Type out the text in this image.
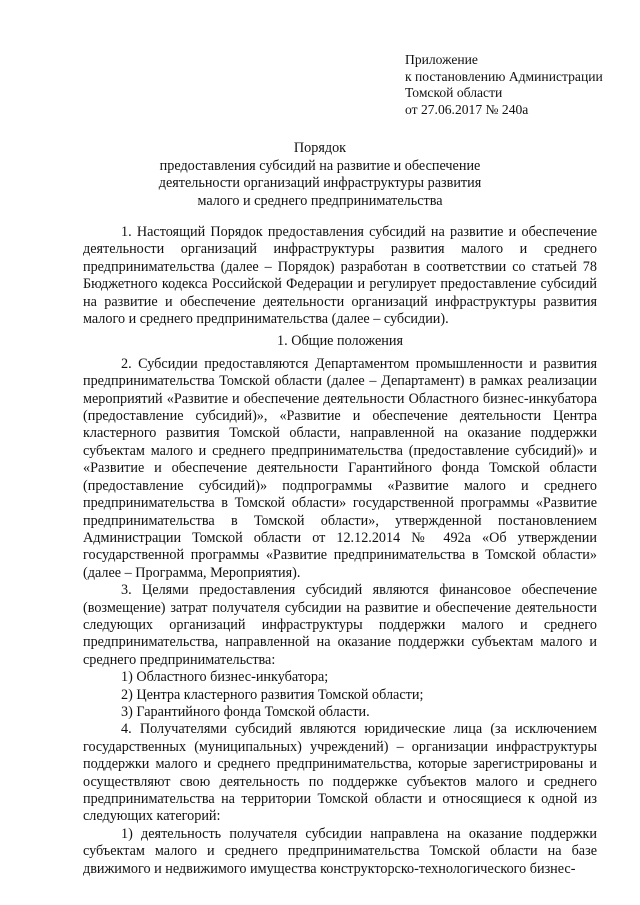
Приложение
к постановлению Администрации
Томской области
от 27.06.2017 № 240а
Порядок
предоставления субсидий на развитие и обеспечение
деятельности организаций инфраструктуры развития
малого и среднего предпринимательства

1. Настоящий Порядок предоставления субсидий на развитие и обеспечение деятельности организаций инфраструктуры развития малого и среднего предпринимательства (далее – Порядок) разработан в соответствии со статьей 78 Бюджетного кодекса Российской Федерации и регулирует предоставление субсидий на развитие и обеспечение деятельности организаций инфраструктуры развития малого и среднего предпринимательства (далее – субсидии).

1. Общие положения

2. Субсидии предоставляются Департаментом промышленности и развития предпринимательства Томской области (далее – Департамент) в рамках реализации мероприятий «Развитие и обеспечение деятельности Областного бизнес-инкубатора (предоставление субсидий)», «Развитие и обеспечение деятельности Центра кластерного развития Томской области, направленной на оказание поддержки субъектам малого и среднего предпринимательства (предоставление субсидий)» и «Развитие и обеспечение деятельности Гарантийного фонда Томской области (предоставление субсидий)» подпрограммы «Развитие малого и среднего предпринимательства в Томской области» государственной программы «Развитие предпринимательства в Томской области», утвержденной постановлением Администрации Томской области от 12.12.2014 № 492а «Об утверждении государственной программы «Развитие предпринимательства в Томской области» (далее – Программа, Мероприятия).

3. Целями предоставления субсидий являются финансовое обеспечение (возмещение) затрат получателя субсидии на развитие и обеспечение деятельности следующих организаций инфраструктуры поддержки малого и среднего предпринимательства, направленной на оказание поддержки субъектам малого и среднего предпринимательства:

1) Областного бизнес-инкубатора;

2) Центра кластерного развития Томской области;

3) Гарантийного фонда Томской области.

4. Получателями субсидий являются юридические лица (за исключением государственных (муниципальных) учреждений) – организации инфраструктуры поддержки малого и среднего предпринимательства, которые зарегистрированы и осуществляют свою деятельность по поддержке субъектов малого и среднего предпринимательства на территории Томской области и относящиеся к одной из следующих категорий:

1) деятельность получателя субсидии направлена на оказание поддержки субъектам малого и среднего предпринимательства Томской области на базе движимого и недвижимого имущества конструкторско-технологического бизнес-
